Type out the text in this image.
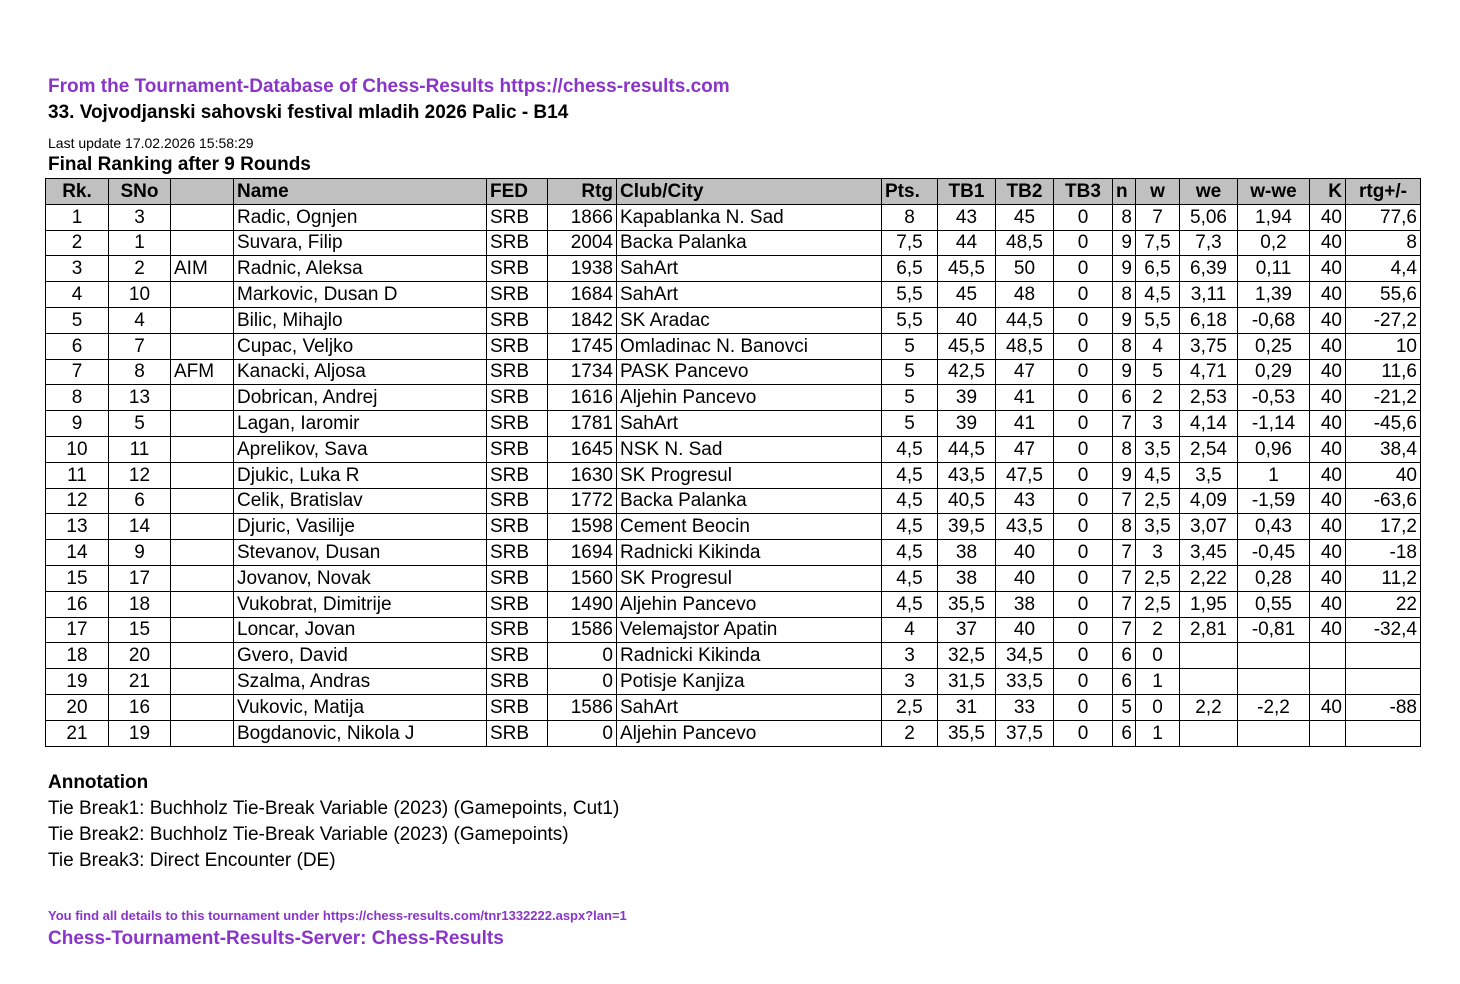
From the Tournament-Database of Chess-Results https://chess-results.com
33. Vojvodjanski sahovski festival mladih 2026 Palic - B14
Last update 17.02.2026 15:58:29
Final Ranking after 9 Rounds
Rk.	SNo		Name	FED	Rtg	Club/City	Pts.	TB1	TB2	TB3	n	w	we	w-we	K	rtg+/-
1	3		Radic, Ognjen	SRB	1866	Kapablanka N. Sad	8	43	45	0	8	7	5,06	1,94	40	77,6
2	1		Suvara, Filip	SRB	2004	Backa Palanka	7,5	44	48,5	0	9	7,5	7,3	0,2	40	8
3	2	AIM	Radnic, Aleksa	SRB	1938	SahArt	6,5	45,5	50	0	9	6,5	6,39	0,11	40	4,4
4	10		Markovic, Dusan D	SRB	1684	SahArt	5,5	45	48	0	8	4,5	3,11	1,39	40	55,6
5	4		Bilic, Mihajlo	SRB	1842	SK Aradac	5,5	40	44,5	0	9	5,5	6,18	-0,68	40	-27,2
6	7		Cupac, Veljko	SRB	1745	Omladinac N. Banovci	5	45,5	48,5	0	8	4	3,75	0,25	40	10
7	8	AFM	Kanacki, Aljosa	SRB	1734	PASK Pancevo	5	42,5	47	0	9	5	4,71	0,29	40	11,6
8	13		Dobrican, Andrej	SRB	1616	Aljehin Pancevo	5	39	41	0	6	2	2,53	-0,53	40	-21,2
9	5		Lagan, Iaromir	SRB	1781	SahArt	5	39	41	0	7	3	4,14	-1,14	40	-45,6
10	11		Aprelikov, Sava	SRB	1645	NSK N. Sad	4,5	44,5	47	0	8	3,5	2,54	0,96	40	38,4
11	12		Djukic, Luka R	SRB	1630	SK Progresul	4,5	43,5	47,5	0	9	4,5	3,5	1	40	40
12	6		Celik, Bratislav	SRB	1772	Backa Palanka	4,5	40,5	43	0	7	2,5	4,09	-1,59	40	-63,6
13	14		Djuric, Vasilije	SRB	1598	Cement Beocin	4,5	39,5	43,5	0	8	3,5	3,07	0,43	40	17,2
14	9		Stevanov, Dusan	SRB	1694	Radnicki Kikinda	4,5	38	40	0	7	3	3,45	-0,45	40	-18
15	17		Jovanov, Novak	SRB	1560	SK Progresul	4,5	38	40	0	7	2,5	2,22	0,28	40	11,2
16	18		Vukobrat, Dimitrije	SRB	1490	Aljehin Pancevo	4,5	35,5	38	0	7	2,5	1,95	0,55	40	22
17	15		Loncar, Jovan	SRB	1586	Velemajstor Apatin	4	37	40	0	7	2	2,81	-0,81	40	-32,4
18	20		Gvero, David	SRB	0	Radnicki Kikinda	3	32,5	34,5	0	6	0				
19	21		Szalma, Andras	SRB	0	Potisje Kanjiza	3	31,5	33,5	0	6	1				
20	16		Vukovic, Matija	SRB	1586	SahArt	2,5	31	33	0	5	0	2,2	-2,2	40	-88
21	19		Bogdanovic, Nikola J	SRB	0	Aljehin Pancevo	2	35,5	37,5	0	6	1				
Annotation
Tie Break1: Buchholz Tie-Break Variable (2023) (Gamepoints, Cut1)
Tie Break2: Buchholz Tie-Break Variable (2023) (Gamepoints)
Tie Break3: Direct Encounter (DE)
You find all details to this tournament under https://chess-results.com/tnr1332222.aspx?lan=1
Chess-Tournament-Results-Server: Chess-Results
